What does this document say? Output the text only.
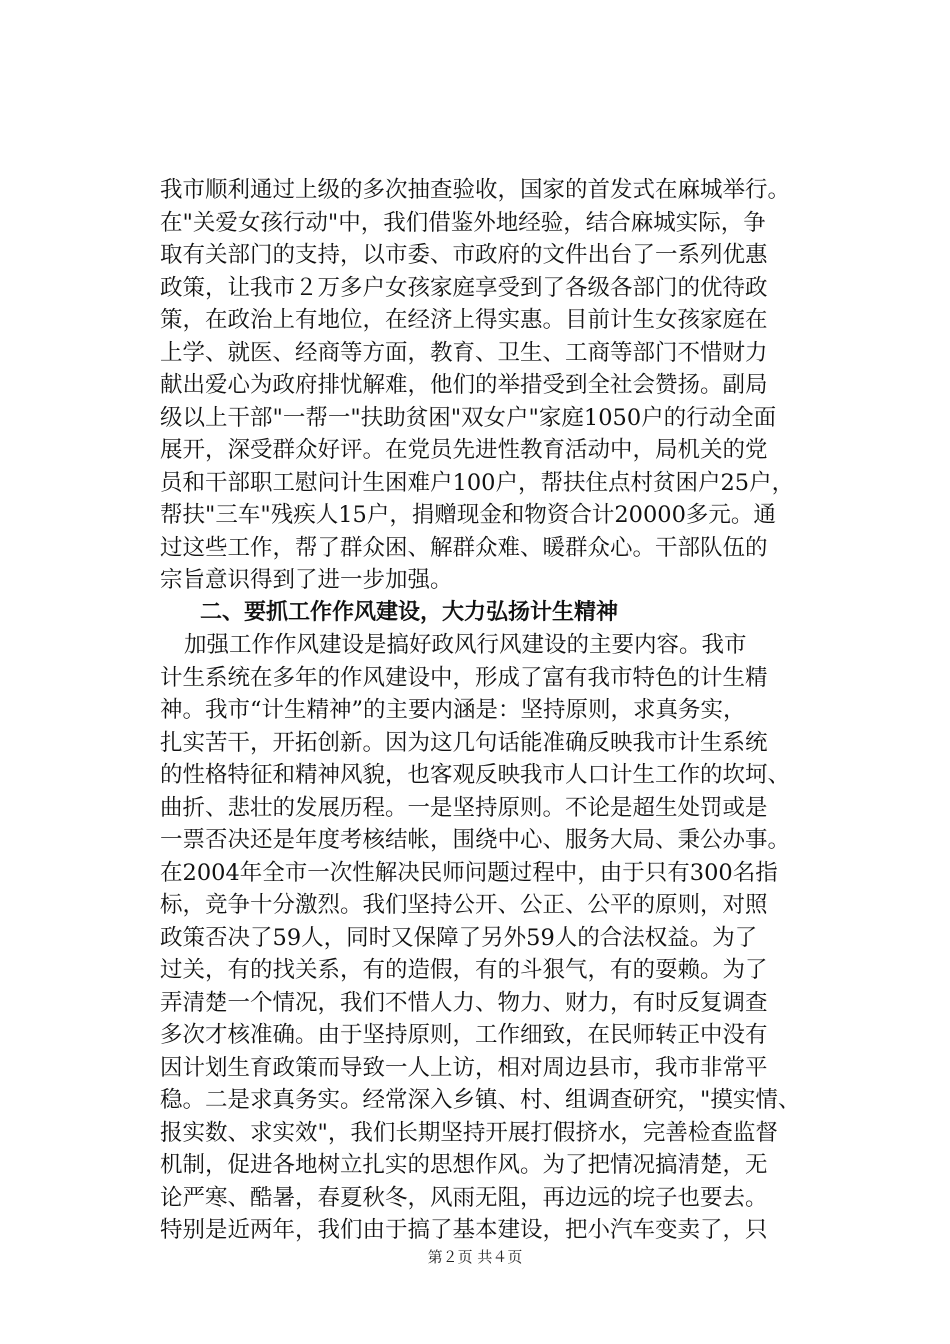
我市顺利通过上级的多次抽查验收，国家的首发式在麻城举行。
在"关爱女孩行动"中，我们借鉴外地经验，结合麻城实际，争
取有关部门的支持，以市委、市政府的文件出台了一系列优惠
政策，让我市２万多户女孩家庭享受到了各级各部门的优待政
策，在政治上有地位，在经济上得实惠。目前计生女孩家庭在
上学、就医、经商等方面，教育、卫生、工商等部门不惜财力
献出爱心为政府排忧解难，他们的举措受到全社会赞扬。副局
级以上干部"一帮一"扶助贫困"双女户"家庭1050户的行动全面
展开，深受群众好评。在党员先进性教育活动中，局机关的党
员和干部职工慰问计生困难户100户，帮扶住点村贫困户25户，
帮扶"三车"残疾人15户，捐赠现金和物资合计20000多元。通
过这些工作，帮了群众困、解群众难、暖群众心。干部队伍的
宗旨意识得到了进一步加强。
二、要抓工作作风建设，大力弘扬计生精神
加强工作作风建设是搞好政风行风建设的主要内容。我市
计生系统在多年的作风建设中，形成了富有我市特色的计生精
神。我市“计生精神”的主要内涵是：坚持原则，求真务实，
扎实苦干，开拓创新。因为这几句话能准确反映我市计生系统
的性格特征和精神风貌，也客观反映我市人口计生工作的坎坷、
曲折、悲壮的发展历程。一是坚持原则。不论是超生处罚或是
一票否决还是年度考核结帐，围绕中心、服务大局、秉公办事。
在2004年全市一次性解决民师问题过程中，由于只有300名指
标，竞争十分激烈。我们坚持公开、公正、公平的原则，对照
政策否决了59人，同时又保障了另外59人的合法权益。为了
过关，有的找关系，有的造假，有的斗狠气，有的耍赖。为了
弄清楚一个情况，我们不惜人力、物力、财力，有时反复调查
多次才核准确。由于坚持原则，工作细致，在民师转正中没有
因计划生育政策而导致一人上访，相对周边县市，我市非常平
稳。二是求真务实。经常深入乡镇、村、组调查研究，"摸实情、
报实数、求实效"，我们长期坚持开展打假挤水，完善检查监督
机制，促进各地树立扎实的思想作风。为了把情况搞清楚，无
论严寒、酷暑，春夏秋冬，风雨无阻，再边远的垸子也要去。
特别是近两年，我们由于搞了基本建设，把小汽车变卖了，只
第２页 共４页
